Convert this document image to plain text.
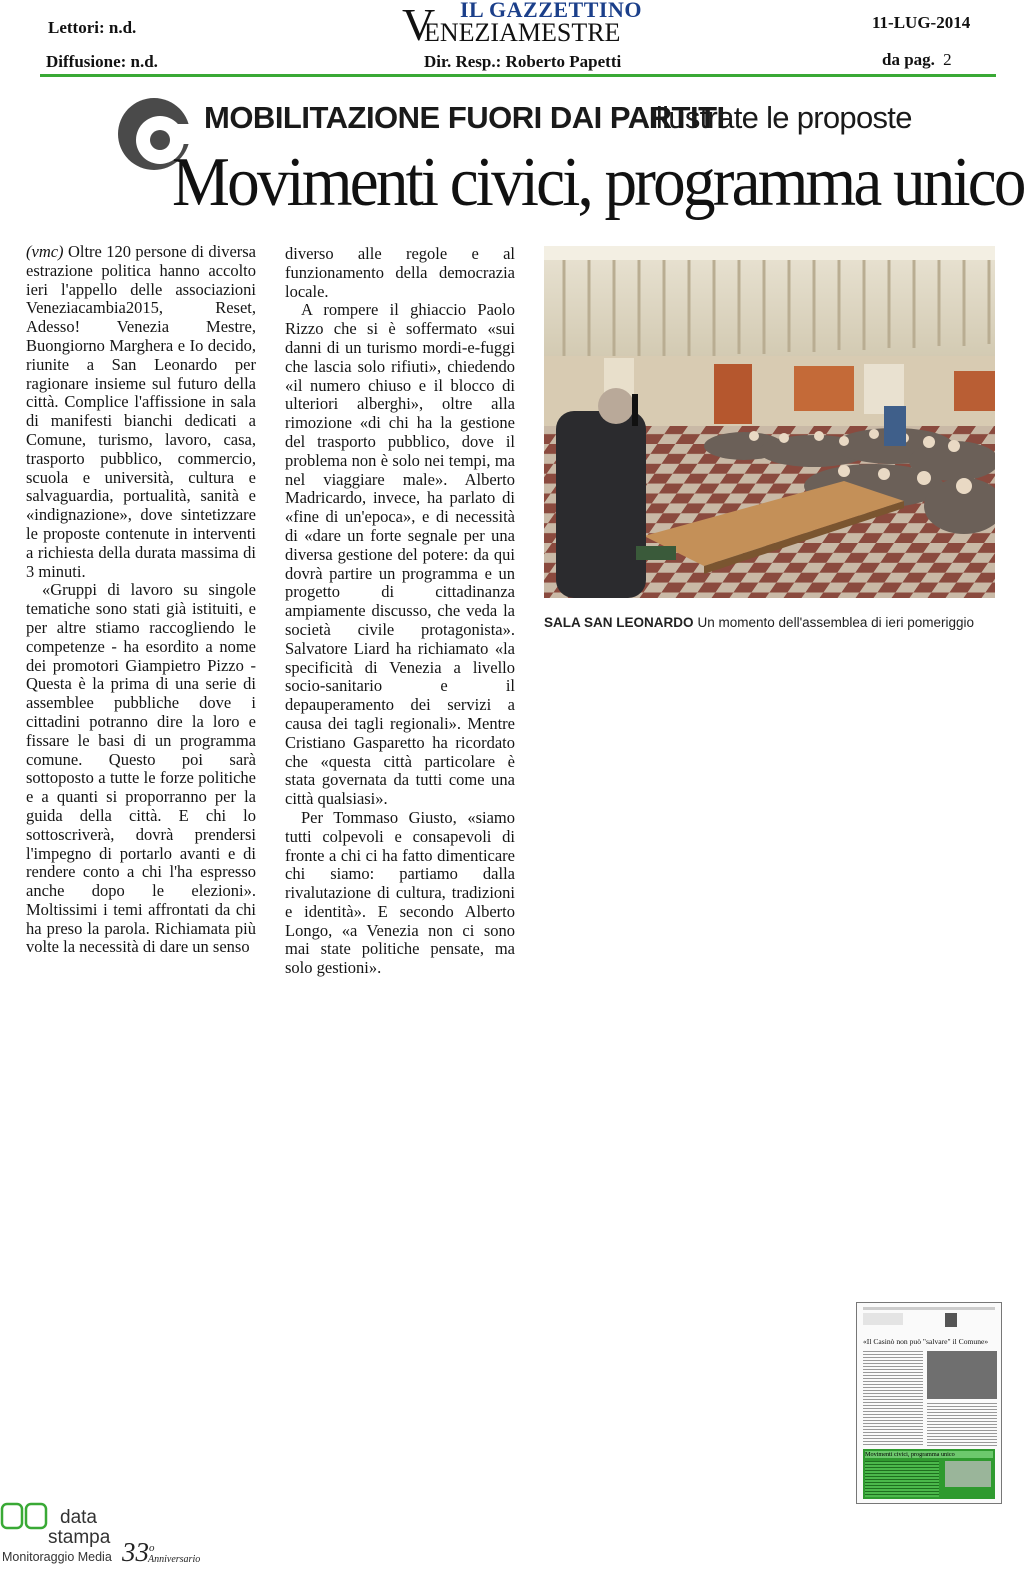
Lettori: n.d.
Diffusione: n.d.
V IL GAZZETTINO
ENEZIAMESTRE
Dir. Resp.: Roberto Papetti
11-LUG-2014
da pag. 2
MOBILITAZIONE FUORI DAI PARTITI
Illustrate le proposte
Movimenti civici, programma unico

(vmc) Oltre 120 persone di diversa estrazione politica hanno accolto ieri l'appello delle associazioni Veneziacambia2015, Reset, Adesso! Venezia Mestre, Buongiorno Marghera e Io decido, riunite a San Leonardo per ragionare insieme sul futuro della città. Complice l'affissione in sala di manifesti bianchi dedicati a Comune, turismo, lavoro, casa, trasporto pubblico, commercio, scuola e università, cultura e salvaguardia, portualità, sanità e «indignazione», dove sintetizzare le proposte contenute in interventi a richiesta della durata massima di 3 minuti.

«Gruppi di lavoro su singole tematiche sono stati già istituiti, e per altre stiamo raccogliendo le competenze - ha esordito a nome dei promotori Giampietro Pizzo - Questa è la prima di una serie di assemblee pubbliche dove i cittadini potranno dire la loro e fissare le basi di un programma comune. Questo poi sarà sottoposto a tutte le forze politiche e a quanti si proporranno per la guida della città. E chi lo sottoscriverà, dovrà prendersi l'impegno di portarlo avanti e di rendere conto a chi l'ha espresso anche dopo le elezioni». Moltissimi i temi affrontati da chi ha preso la parola. Richiamata più volte la necessità di dare un senso

diverso alle regole e al funzionamento della democrazia locale.

A rompere il ghiaccio Paolo Rizzo che si è soffermato «sui danni di un turismo mordi-e-fuggi che lascia solo rifiuti», chiedendo «il numero chiuso e il blocco di ulteriori alberghi», oltre alla rimozione «di chi ha la gestione del trasporto pubblico, dove il problema non è solo nei tempi, ma nel viaggiare male». Alberto Madricardo, invece, ha parlato di «fine di un'epoca», e di necessità di «dare un forte segnale per una diversa gestione del potere: da qui dovrà partire un programma e un progetto di cittadinanza ampiamente discusso, che veda la società civile protagonista». Salvatore Liard ha richiamato «la specificità di Venezia a livello socio-sanitario e il depauperamento dei servizi a causa dei tagli regionali». Mentre Cristiano Gasparetto ha ricordato che «questa città particolare è stata governata da tutti come una città qualsiasi».

Per Tommaso Giusto, «siamo tutti colpevoli e consapevoli di fronte a chi ci ha fatto dimenticare chi siamo: partiamo dalla rivalutazione di cultura, tradizioni e identità». E secondo Alberto Longo, «a Venezia non ci sono mai state politiche pensate, ma solo gestioni».

SALA SAN LEONARDO Un momento dell'assemblea di ieri pomeriggio
«Il Casinò non può "salvare" il Comune»
Movimenti civici, programma unico
data
stampa
Monitoraggio Media 33$^o$
Anniversario
